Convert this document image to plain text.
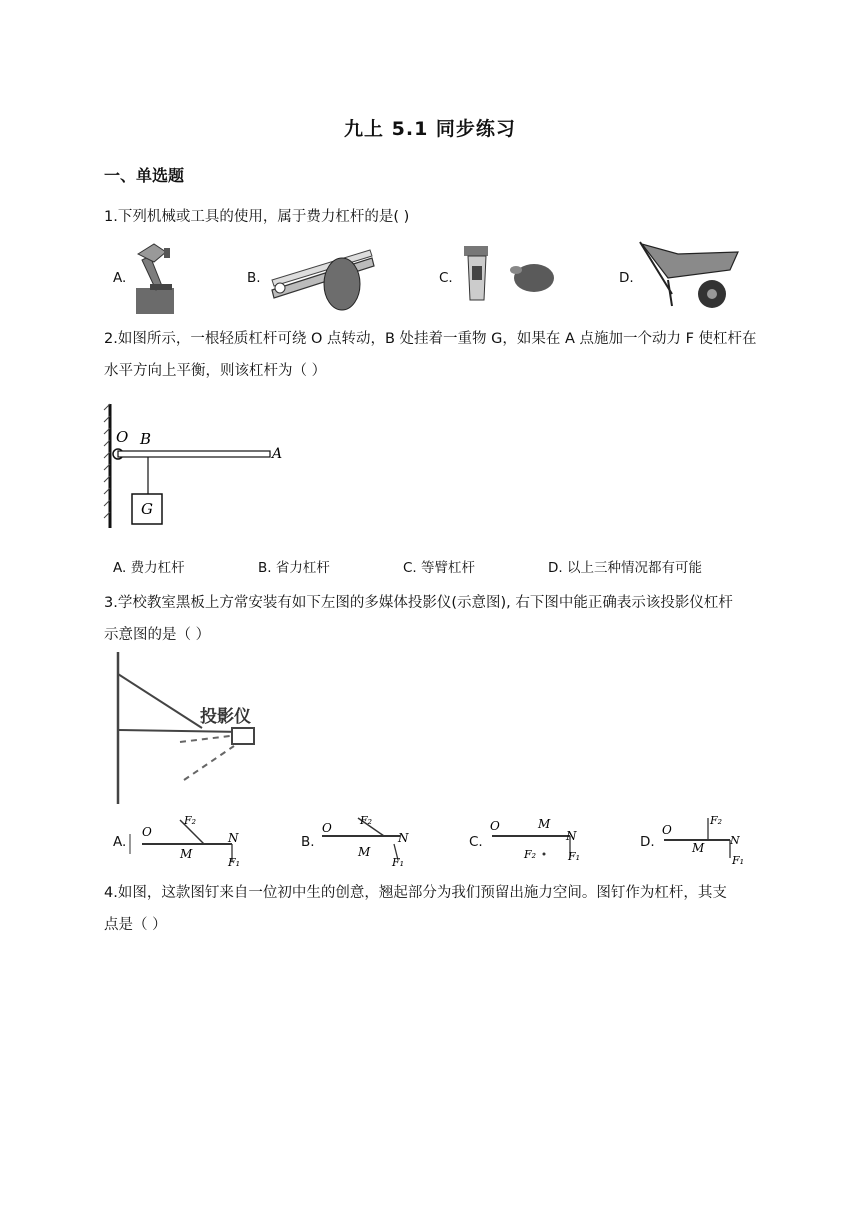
九上 5.1 同步练习
一、单选题
1.下列机械或工具的使用，属于费力杠杆的是( )
A.	B.	C.	D.
2.如图所示，一根轻质杠杆可绕 O 点转动，B 处挂着一重物 G，如果在 A 点施加一个动力 F 使杠杆在
水平方向上平衡，则该杠杆为（ ）
O B
A
G
A. 费力杠杆	B. 省力杠杆	C. 等臂杠杆	D. 以上三种情况都有可能
3.学校教室黑板上方常安装有如下左图的多媒体投影仪(示意图), 右下图中能正确表示该投影仪杠杆
示意图的是（ ）
投影仪
A.
O
F₂
M
N
F₁
B.
O
F₂
M
N
F₁
C.
O	M
N
F₂	F₁
D.
O
F₂
M
N
F₁
4.如图，这款图钉来自一位初中生的创意，翘起部分为我们预留出施力空间。图钉作为杠杆，其支
点是（ ）
